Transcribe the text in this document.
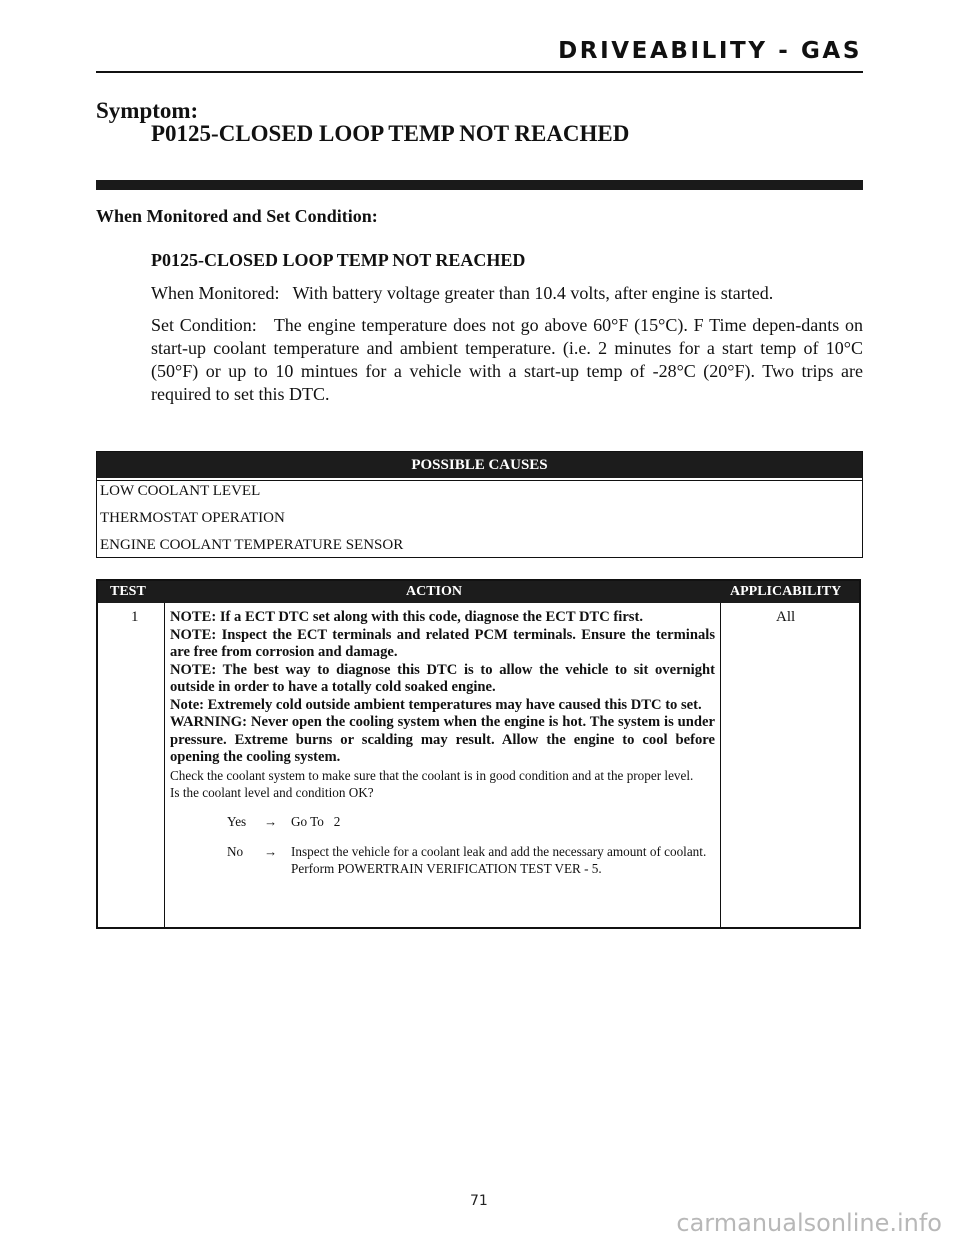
DRIVEABILITY - GAS
Symptom:
P0125-CLOSED LOOP TEMP NOT REACHED
When Monitored and Set Condition:
P0125-CLOSED LOOP TEMP NOT REACHED
When Monitored:   With battery voltage greater than 10.4 volts, after engine is started.
Set Condition:   The engine temperature does not go above 60°F (15°C). F Time depen-dants on start-up coolant temperature and ambient temperature. (i.e. 2 minutes for a start temp of 10°C (50°F) or up to 10 mintues for a vehicle with a start-up temp of -28°C (20°F). Two trips are required to set this DTC.
POSSIBLE CAUSES
LOW COOLANT LEVEL
THERMOSTAT OPERATION
ENGINE COOLANT TEMPERATURE SENSOR
TEST	ACTION	APPLICABILITY
1 NOTE: If a ECT DTC set along with this code, diagnose the ECT DTC first.

NOTE: Inspect the ECT terminals and related PCM terminals. Ensure the terminals are free from corrosion and damage.

NOTE: The best way to diagnose this DTC is to allow the vehicle to sit overnight outside in order to have a totally cold soaked engine.

Note: Extremely cold outside ambient temperatures may have caused this DTC to set.

WARNING: Never open the cooling system when the engine is hot. The system is under pressure. Extreme burns or scalding may result. Allow the engine to cool before opening the cooling system.

Check the coolant system to make sure that the coolant is in good condition and at the proper level.

Is the coolant level and condition OK?

Yes → Go To   2
No → Inspect the vehicle for a coolant leak and add the necessary amount of coolant.
Perform POWERTRAIN VERIFICATION TEST VER - 5.
All
71
carmanualsonline.info
